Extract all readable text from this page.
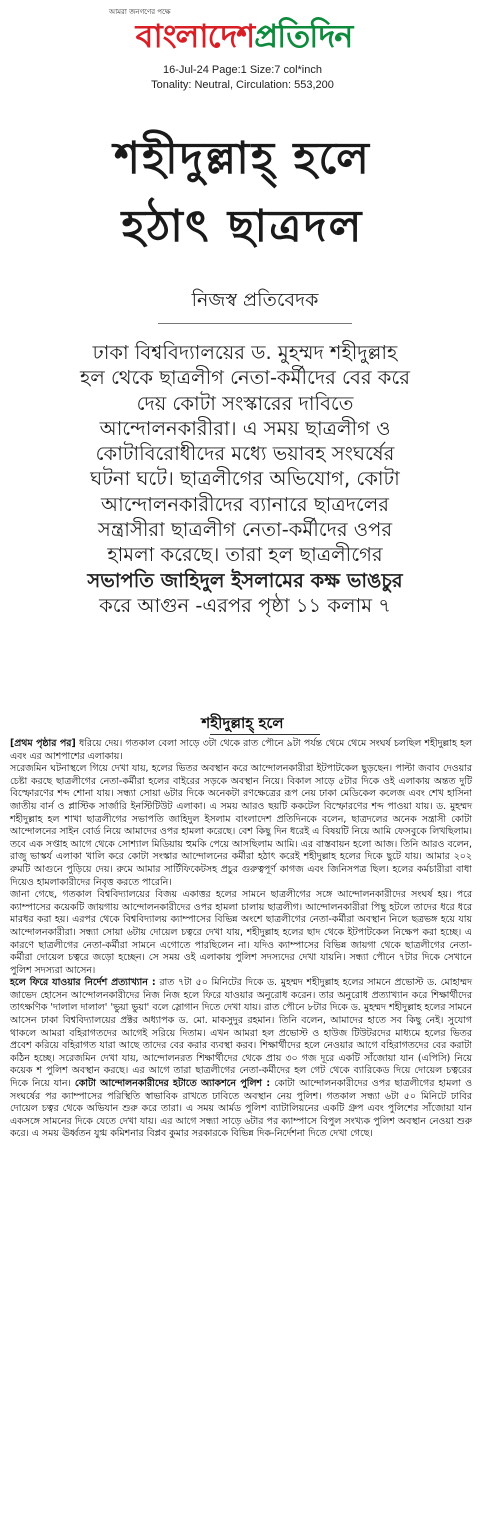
আমরা জনগণের পক্ষে
বাংলাদেশপ্রতিদিন
16-Jul-24 Page:1 Size:7 col*inch
Tonality: Neutral, Circulation: 553,200
শহীদুল্লাহ্ হলে
হঠাৎ ছাত্রদল
নিজস্ব প্রতিবেদক

ঢাকা বিশ্ববিদ্যালয়ের ড. মুহম্মদ শহীদুল্লাহ

হল থেকে ছাত্রলীগ নেতা-কর্মীদের বের করে

দেয় কোটা সংস্কারের দাবিতে

আন্দোলনকারীরা। এ সময় ছাত্রলীগ ও

কোটাবিরোধীদের মধ্যে ভয়াবহ সংঘর্ষের

ঘটনা ঘটে। ছাত্রলীগের অভিযোগ, কোটা

আন্দোলনকারীদের ব্যানারে ছাত্রদলের

সন্ত্রাসীরা ছাত্রলীগ নেতা-কর্মীদের ওপর

হামলা করেছে। তারা হল ছাত্রলীগের

সভাপতি জাহিদুল ইসলামের কক্ষ ভাঙচুর

করে আগুন -এরপর পৃষ্ঠা ১১ কলাম ৭

শহীদুল্লাহ্ হলে

[প্রথম পৃষ্ঠার পর] ধরিয়ে দেয়। গতকাল বেলা সাড়ে ৩টা থেকে রাত পৌনে ৯টা পর্যন্ত থেমে থেমে সংঘর্ষ চলছিল শহীদুল্লাহ হল এবং এর আশপাশের এলাকায়।

সরেজমিন ঘটনাস্থলে গিয়ে দেখা যায়, হলের ভিতর অবস্থান করে আন্দোলনকারীরা ইটপাটকেল ছুড়ছেন। পাল্টা জবাব দেওয়ার চেষ্টা করছে ছাত্রলীগের নেতা-কর্মীরা হলের বাইরের সড়কে অবস্থান নিয়ে। বিকাল সাড়ে ৫টার দিকে ওই এলাকায় অন্তত দুটি বিস্ফোরণের শব্দ শোনা যায়। সন্ধ্যা সোয়া ৬টার দিকে অনেকটা রণক্ষেত্রের রূপ নেয় ঢাকা মেডিকেল কলেজ এবং শেখ হাসিনা জাতীয় বার্ন ও প্লাস্টিক সার্জারি ইনস্টিটিউট এলাকা। এ সময় আরও ছয়টি ককটেল বিস্ফোরণের শব্দ পাওয়া যায়। ড. মুহম্মদ শহীদুল্লাহ হল শাখা ছাত্রলীগের সভাপতি জাহিদুল ইসলাম বাংলাদেশ প্রতিদিনকে বলেন, ছাত্রদলের অনেক সন্ত্রাসী কোটা আন্দোলনের সাইন বোর্ড নিয়ে আমাদের ওপর হামলা করেছে। বেশ কিছু দিন ধরেই এ বিষয়টি নিয়ে আমি ফেসবুকে লিখছিলাম। তবে এক সপ্তাহ আগে থেকে সোশ্যাল মিডিয়ায় হুমকি পেয়ে আসছিলাম আমি। এর বাস্তবায়ন হলো আজ। তিনি আরও বলেন, রাজু ভাস্কর্য এলাকা খালি করে কোটা সংস্কার আন্দোলনের কর্মীরা হঠাৎ করেই শহীদুল্লাহ হলের দিকে ছুটে যায়। আমার ২০২ রুমটি আগুনে পুড়িয়ে দেয়। রুমে আমার সার্টিফিকেটসহ প্রচুর গুরুত্বপূর্ণ কাগজ এবং জিনিসপত্র ছিল। হলের কর্মচারীরা বাধা দিয়েও হামলাকারীদের নিবৃত্ত করতে পারেনি।

জানা গেছে, গতকাল বিশ্ববিদ্যালয়ের বিজয় একাত্তর হলের সামনে ছাত্রলীগের সঙ্গে আন্দোলনকারীদের সংঘর্ষ হয়। পরে ক্যাম্পাসের কয়েকটি জায়গায় আন্দোলনকারীদের ওপর হামলা চালায় ছাত্রলীগ। আন্দোলনকারীরা পিছু হটলে তাদের ধরে ধরে মারধর করা হয়। এরপর থেকে বিশ্ববিদ্যালয় ক্যাম্পাসের বিভিন্ন অংশে ছাত্রলীগের নেতা-কর্মীরা অবস্থান নিলে ছত্রভঙ্গ হয়ে যায় আন্দোলনকারীরা। সন্ধ্যা সোয়া ৬টায় দোয়েল চত্বরে দেখা যায়, শহীদুল্লাহ হলের ছাদ থেকে ইটপাটকেল নিক্ষেপ করা হচ্ছে। এ কারণে ছাত্রলীগের নেতা-কর্মীরা সামনে এগোতে পারছিলেন না। যদিও ক্যাম্পাসের বিভিন্ন জায়গা থেকে ছাত্রলীগের নেতা-কর্মীরা দোয়েল চত্বরে জড়ো হচ্ছেন। সে সময় ওই এলাকায় পুলিশ সদস্যদের দেখা যায়নি। সন্ধ্যা পৌনে ৭টার দিকে সেখানে পুলিশ সদস্যরা আসেন।

হলে ফিরে যাওয়ার নির্দেশ প্রত্যাখ্যান : রাত ৭টা ৫০ মিনিটের দিকে ড. মুহম্মদ শহীদুল্লাহ হলের সামনে প্রভোস্ট ড. মোহাম্মদ জাভেদ হোসেন আন্দোলনকারীদের নিজ নিজ হলে ফিরে যাওয়ার অনুরোধ করেন। তার অনুরোধ প্রত্যাখ্যান করে শিক্ষার্থীদের তাৎক্ষণিক 'দালাল দালাল' 'ভুয়া ভুয়া' বলে স্লোগান দিতে দেখা যায়। রাত পৌনে ৮টার দিকে ড. মুহম্মদ শহীদুল্লাহ হলের সামনে আসেন ঢাকা বিশ্ববিদ্যালয়ের প্রক্টর অধ্যাপক ড. মো. মাকসুদুর রহমান। তিনি বলেন, আমাদের হাতে সব কিছু নেই। সুযোগ থাকলে আমরা বহিরাগতদের আগেই সরিয়ে দিতাম। এখন আমরা হল প্রভোস্ট ও হাউজ টিউটরদের মাধ্যমে হলের ভিতর প্রবেশ করিয়ে বহিরাগত যারা আছে তাদের বের করার ব্যবস্থা করব। শিক্ষার্থীদের হলে নেওয়ার আগে বহিরাগতদের বের করাটা কঠিন হচ্ছে। সরেজমিন দেখা যায়, আন্দোলনরত শিক্ষার্থীদের থেকে প্রায় ৩০ গজ দূরে একটি সাঁজোয়া যান (এপিসি) নিয়ে কয়েক শ পুলিশ অবস্থান করছে। এর আগে তারা ছাত্রলীগের নেতা-কর্মীদের হল গেট থেকে ব্যারিকেড দিয়ে দোয়েল চত্বরের দিকে নিয়ে যান। কোটা আন্দোলনকারীদের হটাতে অ্যাকশনে পুলিশ : কোটা আন্দোলনকারীদের ওপর ছাত্রলীগের হামলা ও সংঘর্ষের পর ক্যাম্পাসের পরিস্থিতি স্বাভাবিক রাখতে ঢাবিতে অবস্থান নেয় পুলিশ। গতকাল সন্ধ্যা ৬টা ৫০ মিনিটে ঢাবির দোয়েল চত্বর থেকে অভিযান শুরু করে তারা। এ সময় আর্মড পুলিশ ব্যাটালিয়নের একটি গ্রুপ এবং পুলিশের সাঁজোয়া যান একসঙ্গে সামনের দিকে যেতে দেখা যায়। এর আগে সন্ধ্যা সাড়ে ৬টার পর ক্যাম্পাসে বিপুল সংখ্যক পুলিশ অবস্থান নেওয়া শুরু করে। এ সময় ঊর্ধ্বতন যুগ্ম কমিশনার বিপ্লব কুমার সরকারকে বিভিন্ন দিক-নির্দেশনা দিতে দেখা গেছে।
